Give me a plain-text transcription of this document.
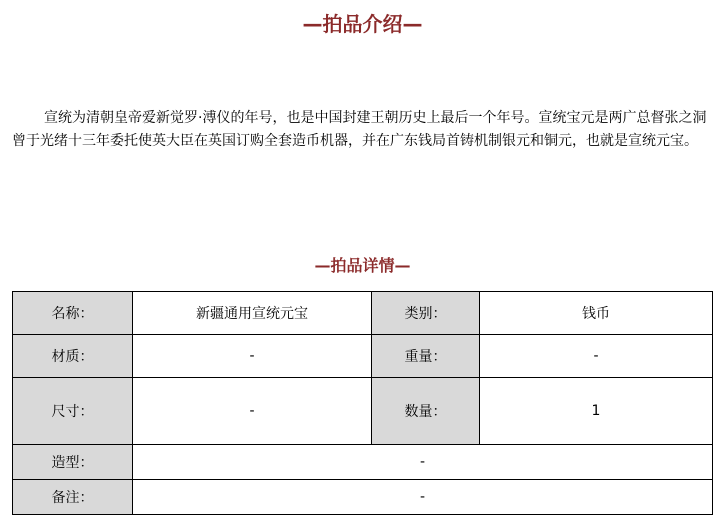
—拍品介绍—
宣统为清朝皇帝爱新觉罗·溥仪的年号，也是中国封建王朝历史上最后一个年号。宣统宝元是两广总督张之洞曾于光绪十三年委托使英大臣在英国订购全套造币机器，并在广东钱局首铸机制银元和铜元，也就是宣统元宝。
—拍品详情—
名称：	新疆通用宣统元宝	类别：	钱币
材质：	-	重量：	-
尺寸：	-	数量：	1
造型：	-		
备注：	-		
